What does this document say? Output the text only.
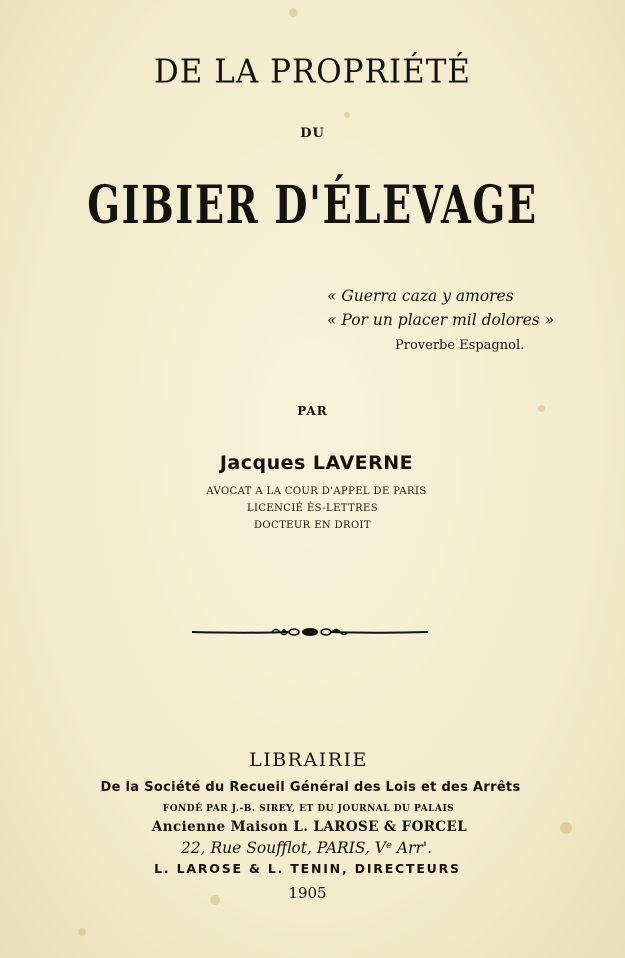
DE LA PROPRIÉTÉ
DU
GIBIER D'ÉLEVAGE
« Guerra caza y amores
« Por un placer mil dolores »
Proverbe Espagnol.
PAR
Jacques LAVERNE
AVOCAT A LA COUR D'APPEL DE PARIS
LICENCIÉ ÈS-LETTRES
DOCTEUR EN DROIT
LIBRAIRIE
De la Société du Recueil Général des Lois et des Arrêts
FONDÉ PAR J.-B. SIREY, ET DU JOURNAL DU PALAIS
Ancienne Maison L. LAROSE & FORCEL
22, Rue Soufflot, PARIS, Vᵉ Arr'.
L. LAROSE & L. TENIN, DIRECTEURS
1905
